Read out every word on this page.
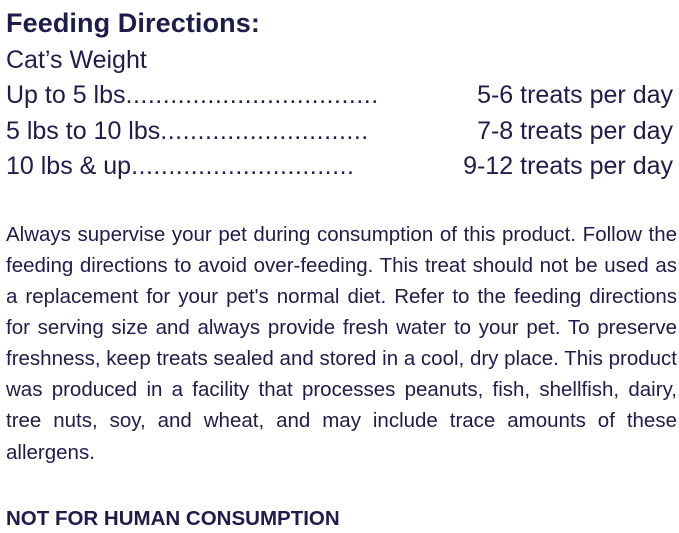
Feeding Directions:
Cat’s Weight
Up to 5 lbs ..................................	5-6 treats per day
5 lbs to 10 lbs ............................	7-8 treats per day
10 lbs & up ..............................	9-12 treats per day

Always supervise your pet during consumption of this product. Follow the feeding directions to avoid over-feeding. This treat should not be used as a replacement for your pet's normal diet. Refer to the feeding directions for serving size and always provide fresh water to your pet. To preserve freshness, keep treats sealed and stored in a cool, dry place. This product was produced in a facility that processes peanuts, fish, shellfish, dairy, tree nuts, soy, and wheat, and may include trace amounts of these allergens.

NOT FOR HUMAN CONSUMPTION
